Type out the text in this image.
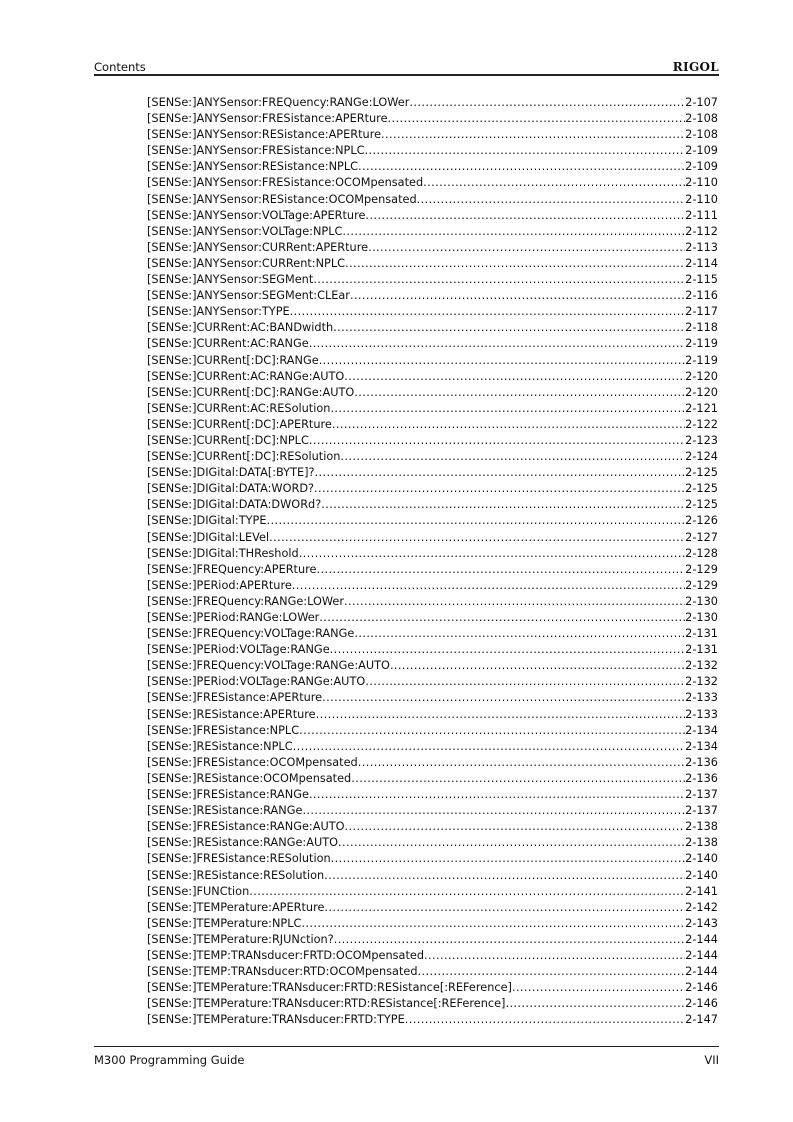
Contents	RIGOL
[SENSe:]ANYSensor:FREQuency:RANGe:LOWer .....	2-107
[SENSe:]ANYSensor:FRESistance:APERture .....	2-108
[SENSe:]ANYSensor:RESistance:APERture .....	2-108
[SENSe:]ANYSensor:FRESistance:NPLC .....	2-109
[SENSe:]ANYSensor:RESistance:NPLC .....	2-109
[SENSe:]ANYSensor:FRESistance:OCOMpensated .....	2-110
[SENSe:]ANYSensor:RESistance:OCOMpensated .....	2-110
[SENSe:]ANYSensor:VOLTage:APERture .....	2-111
[SENSe:]ANYSensor:VOLTage:NPLC .....	2-112
[SENSe:]ANYSensor:CURRent:APERture .....	2-113
[SENSe:]ANYSensor:CURRent:NPLC .....	2-114
[SENSe:]ANYSensor:SEGMent .....	2-115
[SENSe:]ANYSensor:SEGMent:CLEar .....	2-116
[SENSe:]ANYSensor:TYPE .....	2-117
[SENSe:]CURRent:AC:BANDwidth .....	2-118
[SENSe:]CURRent:AC:RANGe .....	2-119
[SENSe:]CURRent[:DC]:RANGe .....	2-119
[SENSe:]CURRent:AC:RANGe:AUTO .....	2-120
[SENSe:]CURRent[:DC]:RANGe:AUTO .....	2-120
[SENSe:]CURRent:AC:RESolution .....	2-121
[SENSe:]CURRent[:DC]:APERture .....	2-122
[SENSe:]CURRent[:DC]:NPLC .....	2-123
[SENSe:]CURRent[:DC]:RESolution .....	2-124
[SENSe:]DIGital:DATA[:BYTE]? .....	2-125
[SENSe:]DIGital:DATA:WORD? .....	2-125
[SENSe:]DIGital:DATA:DWORd? .....	2-125
[SENSe:]DIGital:TYPE .....	2-126
[SENSe:]DIGital:LEVel .....	2-127
[SENSe:]DIGital:THReshold .....	2-128
[SENSe:]FREQuency:APERture .....	2-129
[SENSe:]PERiod:APERture .....	2-129
[SENSe:]FREQuency:RANGe:LOWer .....	2-130
[SENSe:]PERiod:RANGe:LOWer .....	2-130
[SENSe:]FREQuency:VOLTage:RANGe .....	2-131
[SENSe:]PERiod:VOLTage:RANGe .....	2-131
[SENSe:]FREQuency:VOLTage:RANGe:AUTO .....	2-132
[SENSe:]PERiod:VOLTage:RANGe:AUTO .....	2-132
[SENSe:]FRESistance:APERture .....	2-133
[SENSe:]RESistance:APERture .....	2-133
[SENSe:]FRESistance:NPLC .....	2-134
[SENSe:]RESistance:NPLC .....	2-134
[SENSe:]FRESistance:OCOMpensated .....	2-136
[SENSe:]RESistance:OCOMpensated .....	2-136
[SENSe:]FRESistance:RANGe .....	2-137
[SENSe:]RESistance:RANGe .....	2-137
[SENSe:]FRESistance:RANGe:AUTO .....	2-138
[SENSe:]RESistance:RANGe:AUTO .....	2-138
[SENSe:]FRESistance:RESolution .....	2-140
[SENSe:]RESistance:RESolution .....	2-140
[SENSe:]FUNCtion .....	2-141
[SENSe:]TEMPerature:APERture .....	2-142
[SENSe:]TEMPerature:NPLC .....	2-143
[SENSe:]TEMPerature:RJUNction? .....	2-144
[SENSe:]TEMP:TRANsducer:FRTD:OCOMpensated .....	2-144
[SENSe:]TEMP:TRANsducer:RTD:OCOMpensated .....	2-144
[SENSe:]TEMPerature:TRANsducer:FRTD:RESistance[:REFerence] .....	2-146
[SENSe:]TEMPerature:TRANsducer:RTD:RESistance[:REFerence] .....	2-146
[SENSe:]TEMPerature:TRANsducer:FRTD:TYPE .....	2-147
M300 Programming Guide	VII
